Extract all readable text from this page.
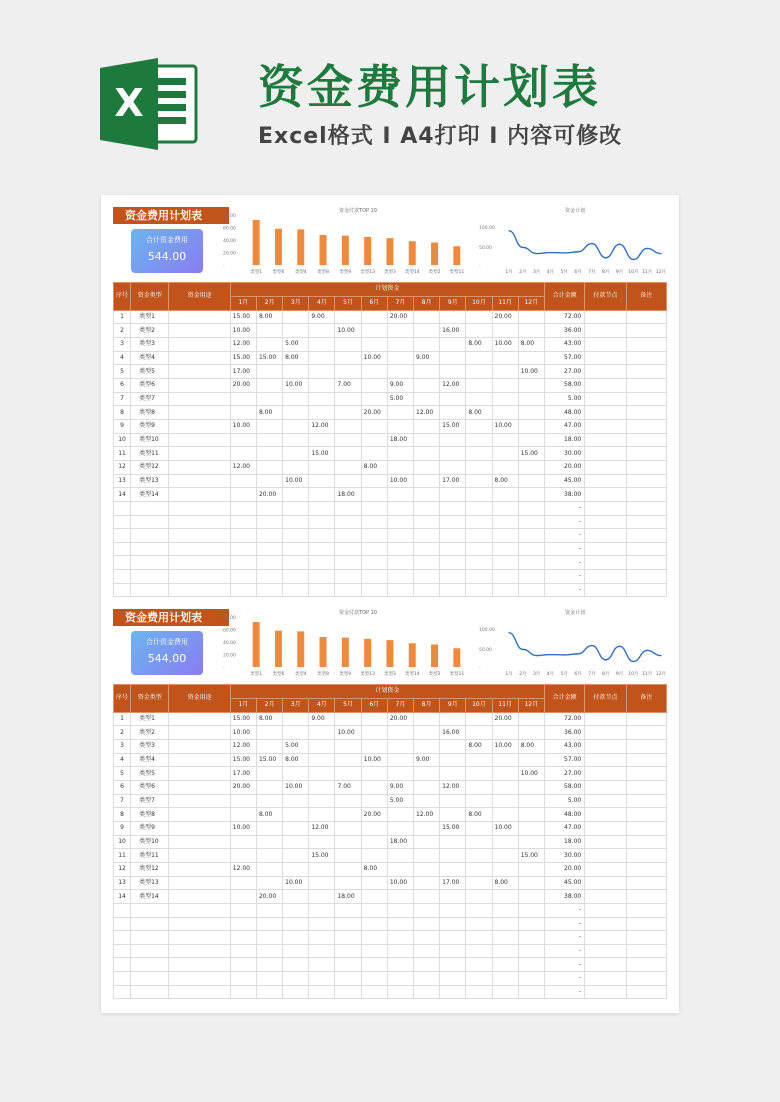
X 资金费用计划表
Excel格式 I A4打印 I 内容可修改
资金费用计划表
合计资金费用
544.00
资金付款TOP 10
80.00
60.00
40.00
20.00
-
类型1 类型6 类型4 类型8 类型9 类型13 类型3 类型14 类型2 类型11
资金计划
100.00
50.00
-
1月 2月 3月 4月 5月 6月 7月 8月 9月 10月 11月 12月
序号	资金类型	资金用途	计划资金												合计金额	付款节点	备注
			1月	2月	3月	4月	5月	6月	7月	8月	9月	10月	11月	12月			
1	类型1		15.00	8.00		9.00			20.00				20.00		72.00		
2	类型2		10.00				10.00				16.00				36.00		
3	类型3		12.00		5.00							8.00	10.00	8.00	43.00		
4	类型4		15.00	15.00	8.00			10.00		9.00					57.00		
5	类型5		17.00											10.00	27.00		
6	类型6		20.00		10.00		7.00		9.00		12.00				58.00		
7	类型7								5.00						5.00		
8	类型8			8.00				20.00		12.00		8.00			48.00		
9	类型9		10.00			12.00					15.00		10.00		47.00		
10	类型10								18.00						18.00		
11	类型11					15.00								15.00	30.00		
12	类型12		12.00					8.00							20.00		
13	类型13				10.00				10.00		17.00		8.00		45.00		
14	类型14			20.00			18.00								38.00		
															-		
															-		
															-		
															-		
															-		
															-		
															-		
资金费用计划表
合计资金费用
544.00
资金付款TOP 10
80.00
60.00
40.00
20.00
-
类型1 类型6 类型4 类型8 类型9 类型13 类型3 类型14 类型2 类型11
资金计划
100.00
50.00
-
1月 2月 3月 4月 5月 6月 7月 8月 9月 10月 11月 12月
序号	资金类型	资金用途	计划资金												合计金额	付款节点	备注
			1月	2月	3月	4月	5月	6月	7月	8月	9月	10月	11月	12月			
1	类型1		15.00	8.00		9.00			20.00				20.00		72.00		
2	类型2		10.00				10.00				16.00				36.00		
3	类型3		12.00		5.00							8.00	10.00	8.00	43.00		
4	类型4		15.00	15.00	8.00			10.00		9.00					57.00		
5	类型5		17.00											10.00	27.00		
6	类型6		20.00		10.00		7.00		9.00		12.00				58.00		
7	类型7								5.00						5.00		
8	类型8			8.00				20.00		12.00		8.00			48.00		
9	类型9		10.00			12.00					15.00		10.00		47.00		
10	类型10								18.00						18.00		
11	类型11					15.00								15.00	30.00		
12	类型12		12.00					8.00							20.00		
13	类型13				10.00				10.00		17.00		8.00		45.00		
14	类型14			20.00			18.00								38.00		
															-		
															-		
															-		
															-		
															-		
															-		
															-		
